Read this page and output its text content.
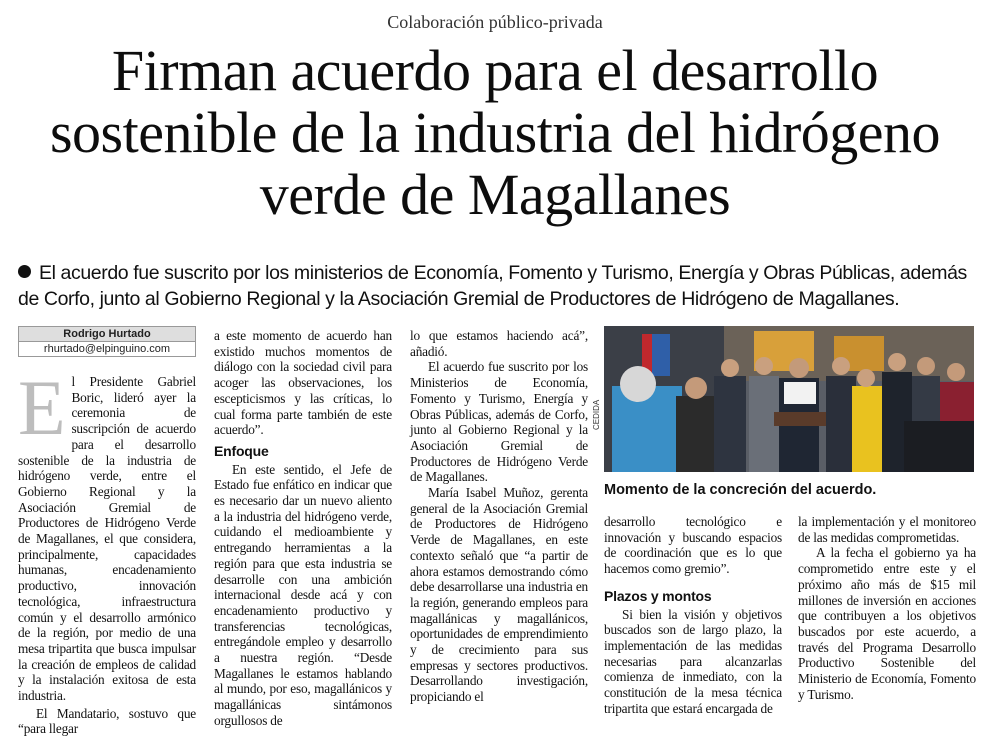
Colaboración público-privada
Firman acuerdo para el desarrollo sostenible de la industria del hidrógeno verde de Magallanes
El acuerdo fue suscrito por los ministerios de Economía, Fomento y Turismo, Energía y Obras Públicas, además de Corfo, junto al Gobierno Regional y la Asociación Gremial de Productores de Hidrógeno de Magallanes.
Rodrigo Hurtado
rhurtado@elpinguino.com

El Presidente Gabriel Boric, lideró ayer la ceremonia de suscripción de acuerdo para el desarrollo sostenible de la industria de hidrógeno verde, entre el Gobierno Regional y la Asociación Gremial de Productores de Hidrógeno Verde de Magallanes, el que considera, principalmente, capacidades humanas, encadenamiento productivo, innovación tecnológica, infraestructura común y el desarrollo armónico de la región, por medio de una mesa tripartita que busca impulsar la creación de empleos de calidad y la instalación exitosa de esta industria.

El Mandatario, sostuvo que “para llegar

a este momento de acuerdo han existido muchos momentos de diálogo con la sociedad civil para acoger las observaciones, los escepticismos y las críticas, lo cual forma parte también de este acuerdo”.

Enfoque

En este sentido, el Jefe de Estado fue enfático en indicar que es necesario dar un nuevo aliento a la industria del hidrógeno verde, cuidando el medioambiente y entregando herramientas a la región para que esta industria se desarrolle con una ambición internacional desde acá y con encadenamiento productivo y transferencias tecnológicas, entregándole empleo y desarrollo a nuestra región. “Desde Magallanes le estamos hablando al mundo, por eso, magallánicos y magallánicas sintámonos orgullosos de

lo que estamos haciendo acá”, añadió.

El acuerdo fue suscrito por los Ministerios de Economía, Fomento y Turismo, Energía y Obras Públicas, además de Corfo, junto al Gobierno Regional y la Asociación Gremial de Productores de Hidrógeno Verde de Magallanes.

María Isabel Muñoz, gerenta general de la Asociación Gremial de Productores de Hidrógeno Verde de Magallanes, en este contexto señaló que “a partir de ahora estamos demostrando cómo debe desarrollarse una industria en la región, generando empleos para magallánicas y magallánicos, oportunidades de emprendimiento y de crecimiento para sus empresas y sectores productivos. Desarrollando investigación, propiciando el

CEDIDA
Momento de la concreción del acuerdo.

desarrollo tecnológico e innovación y buscando espacios de coordinación que es lo que hacemos como gremio”.

Plazos y montos

Si bien la visión y objetivos buscados son de largo plazo, la implementación de las medidas necesarias para alcanzarlas comienza de inmediato, con la constitución de la mesa técnica tripartita que estará encargada de

la implementación y el monitoreo de las medidas comprometidas.

A la fecha el gobierno ya ha comprometido entre este y el próximo año más de $15 mil millones de inversión en acciones que contribuyen a los objetivos buscados por este acuerdo, a través del Programa Desarrollo Productivo Sostenible del Ministerio de Economía, Fomento y Turismo.
